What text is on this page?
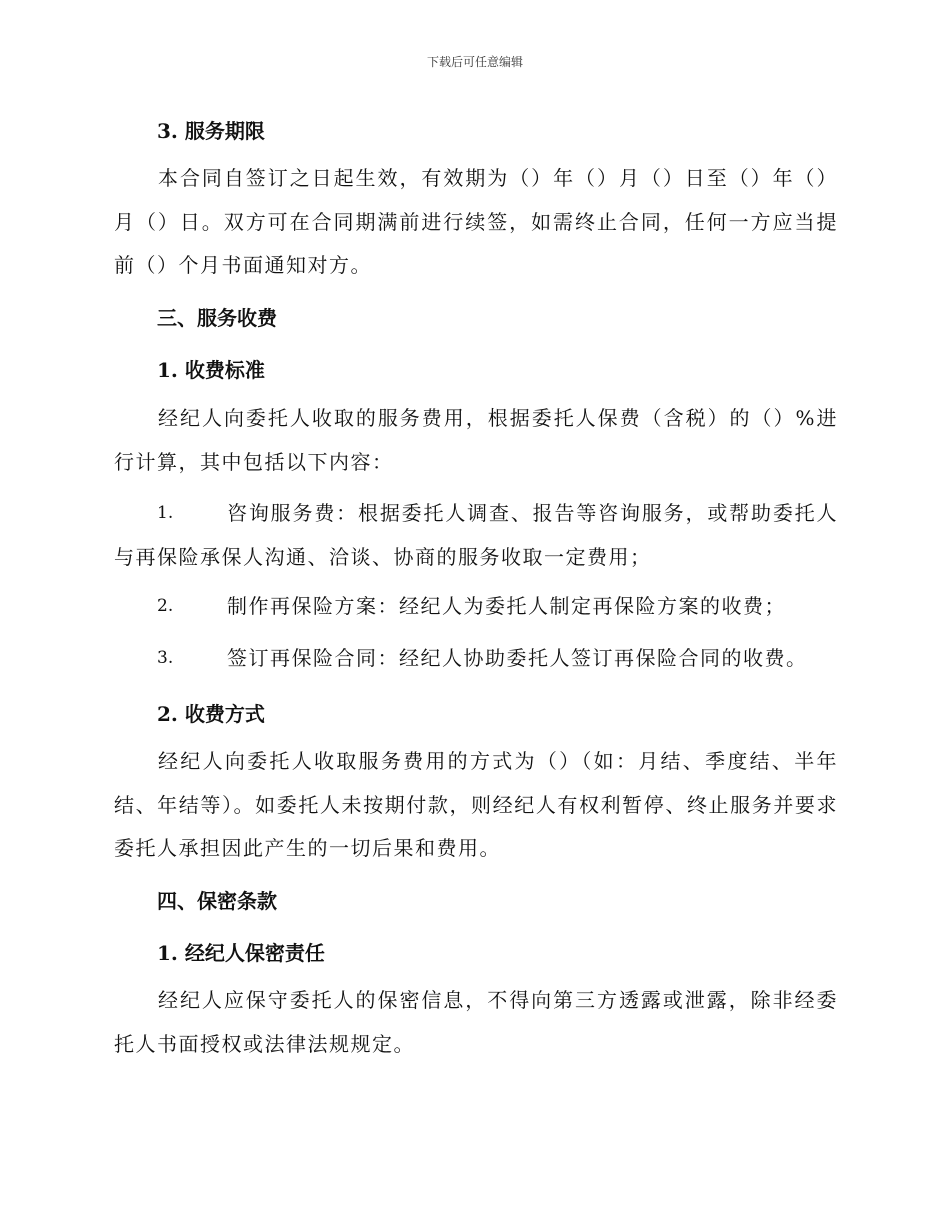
下载后可任意编辑
3. 服务期限
本合同自签订之日起生效，有效期为（）年（）月（）日至（）年（）月（）日。双方可在合同期满前进行续签，如需终止合同，任何一方应当提前（）个月书面通知对方。
三、服务收费
1. 收费标准
经纪人向委托人收取的服务费用，根据委托人保费（含税）的（）%进行计算，其中包括以下内容：
1.	咨询服务费：根据委托人调查、报告等咨询服务，或帮助委托人与再保险承保人沟通、洽谈、协商的服务收取一定费用；
2.	制作再保险方案：经纪人为委托人制定再保险方案的收费；
3.	签订再保险合同：经纪人协助委托人签订再保险合同的收费。
2. 收费方式
经纪人向委托人收取服务费用的方式为（）（如：月结、季度结、半年结、年结等）。如委托人未按期付款，则经纪人有权利暂停、终止服务并要求委托人承担因此产生的一切后果和费用。
四、保密条款
1. 经纪人保密责任
经纪人应保守委托人的保密信息，不得向第三方透露或泄露，除非经委托人书面授权或法律法规规定。
